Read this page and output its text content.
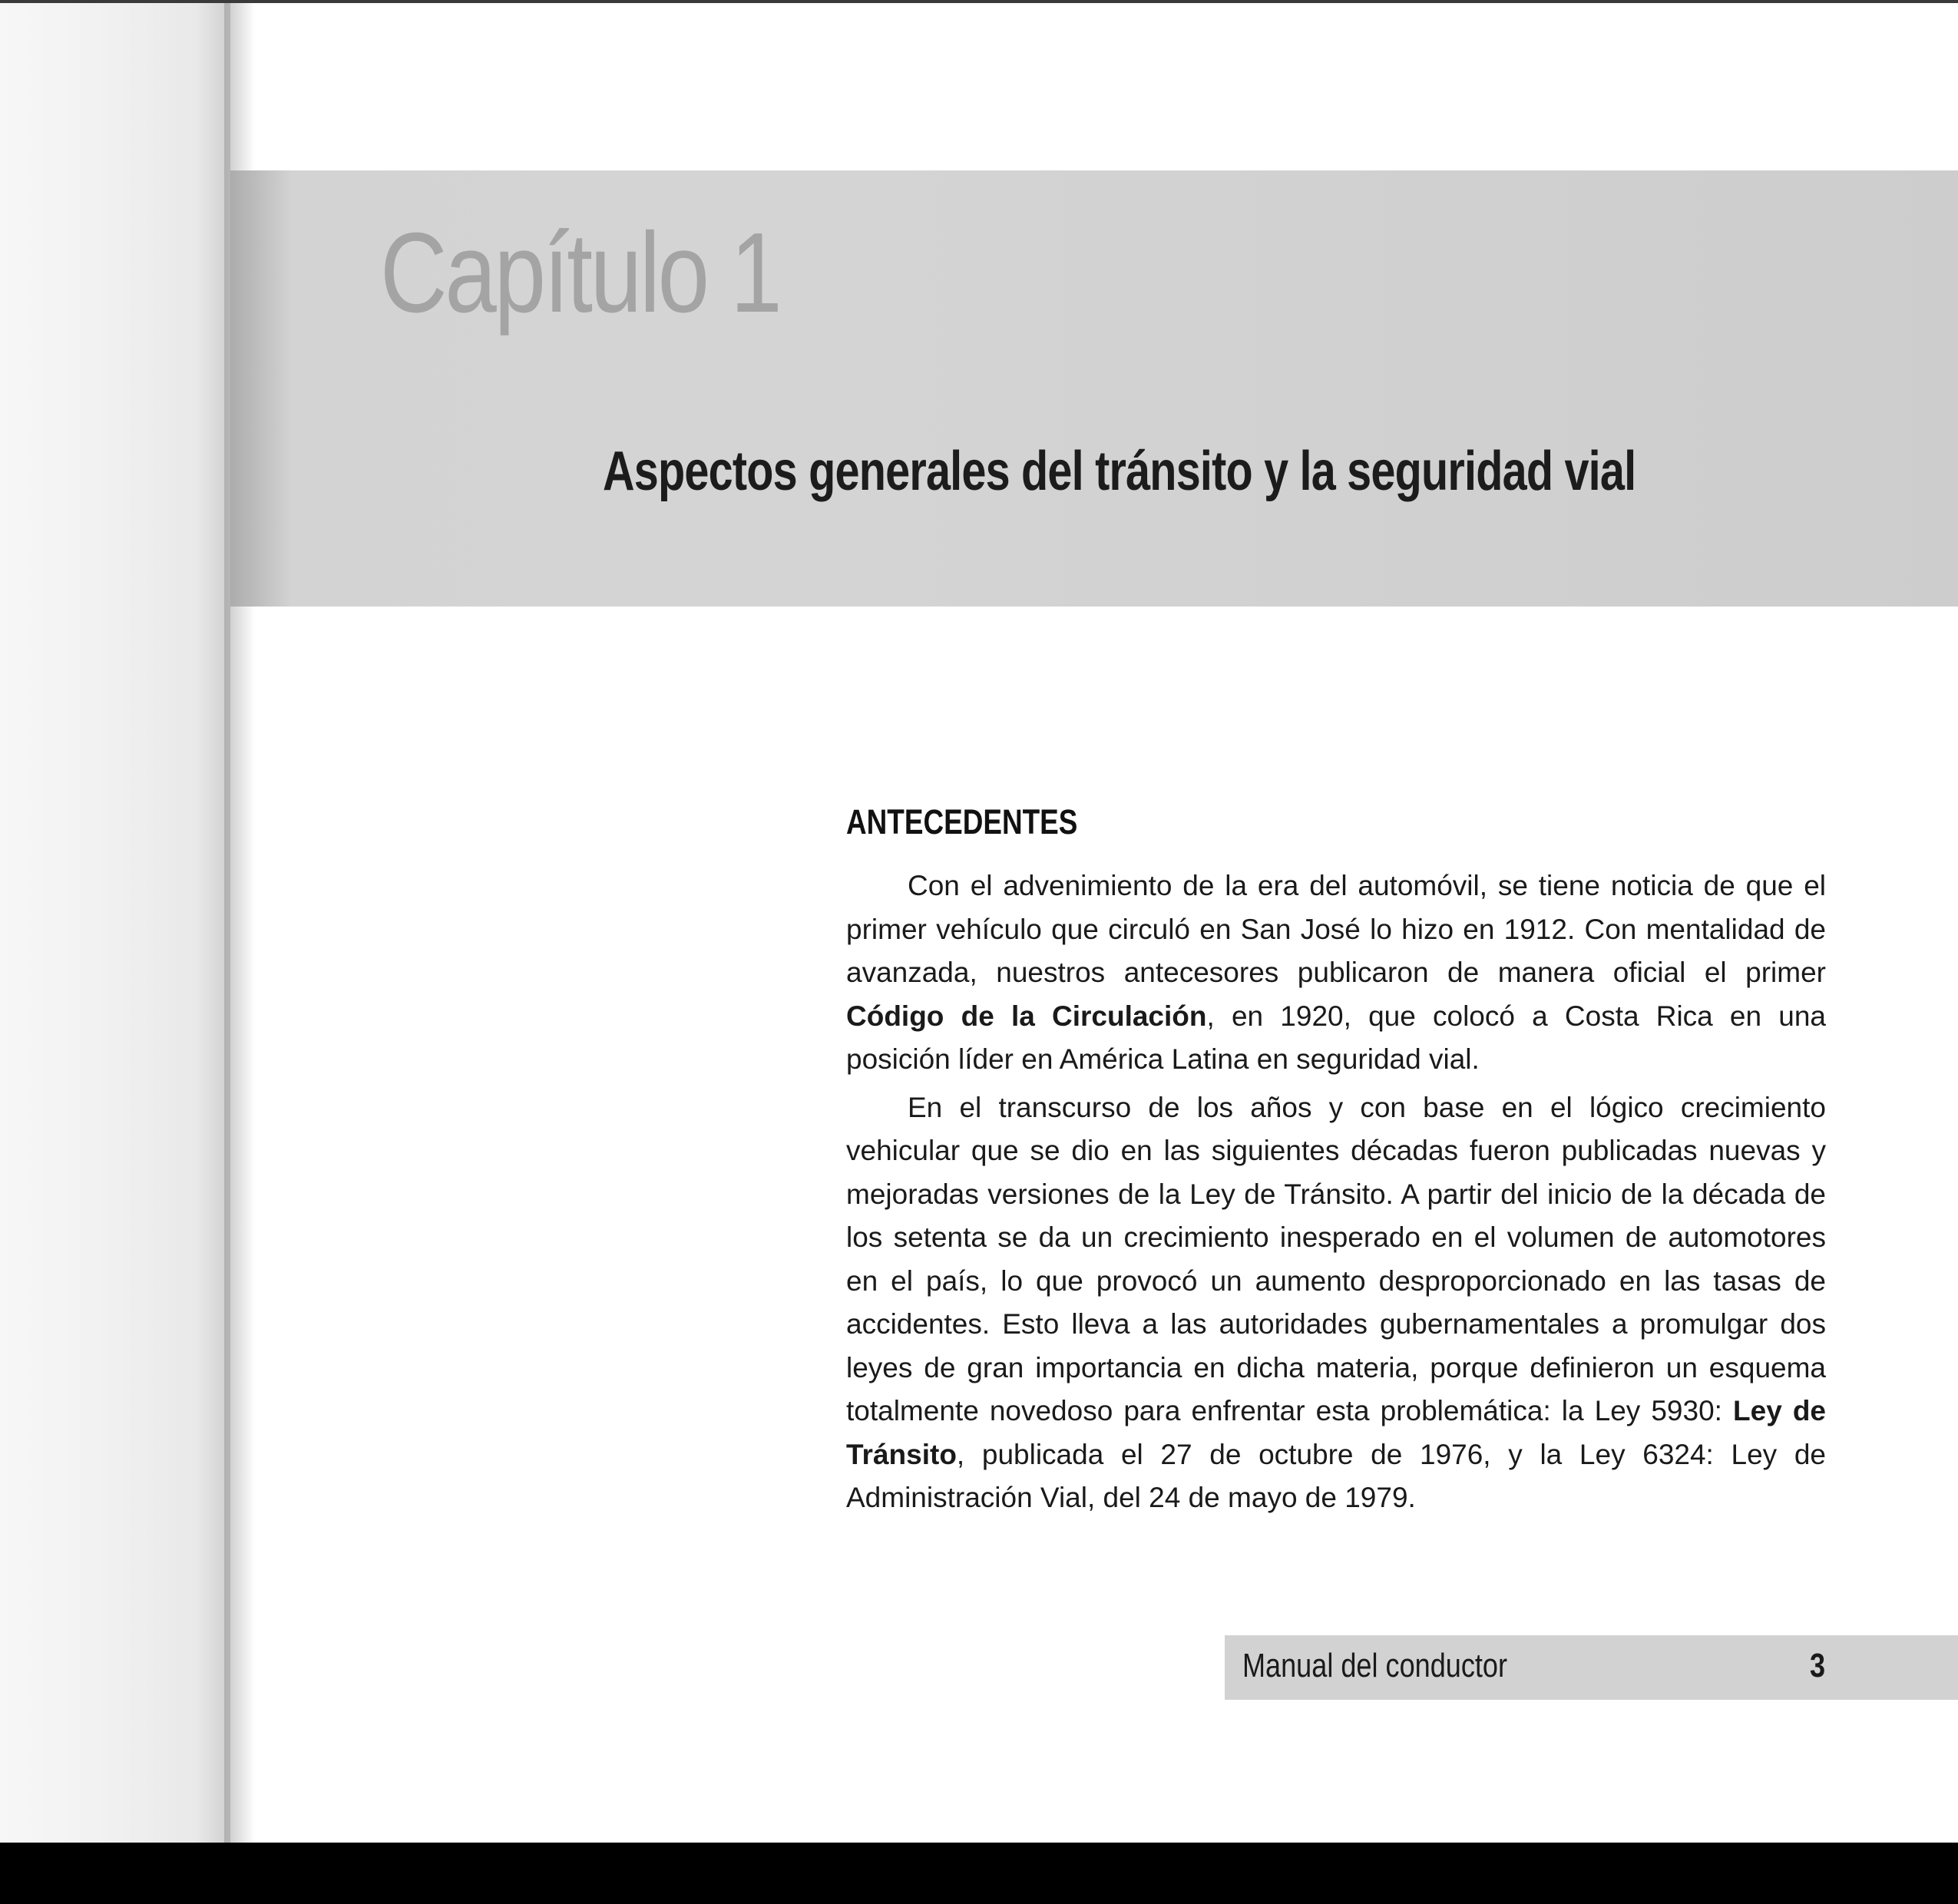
Capítulo 1
Aspectos generales del tránsito y la seguridad vial
ANTECEDENTES

Con el advenimiento de la era del automóvil, se tiene noticia de que el primer vehículo que circuló en San José lo hizo en 1912. Con mentalidad de avanzada, nuestros antecesores publicaron de manera oficial el primer Código de la Circulación, en 1920, que colocó a Costa Rica en una posición líder en América Latina en seguridad vial.

En el transcurso de los años y con base en el lógico crecimiento vehicular que se dio en las siguientes décadas fueron publicadas nuevas y mejoradas versiones de la Ley de Tránsito. A partir del inicio de la década de los setenta se da un crecimiento inesperado en el volumen de automotores en el país, lo que provocó un aumento desproporcionado en las tasas de accidentes. Esto lleva a las autoridades gubernamentales a promulgar dos leyes de gran importancia en dicha materia, porque definieron un esquema totalmente novedoso para enfrentar esta problemática: la Ley 5930: Ley de Tránsito, publicada el 27 de octubre de 1976, y la Ley 6324: Ley de Administración Vial, del 24 de mayo de 1979.

Manual del conductor	3
